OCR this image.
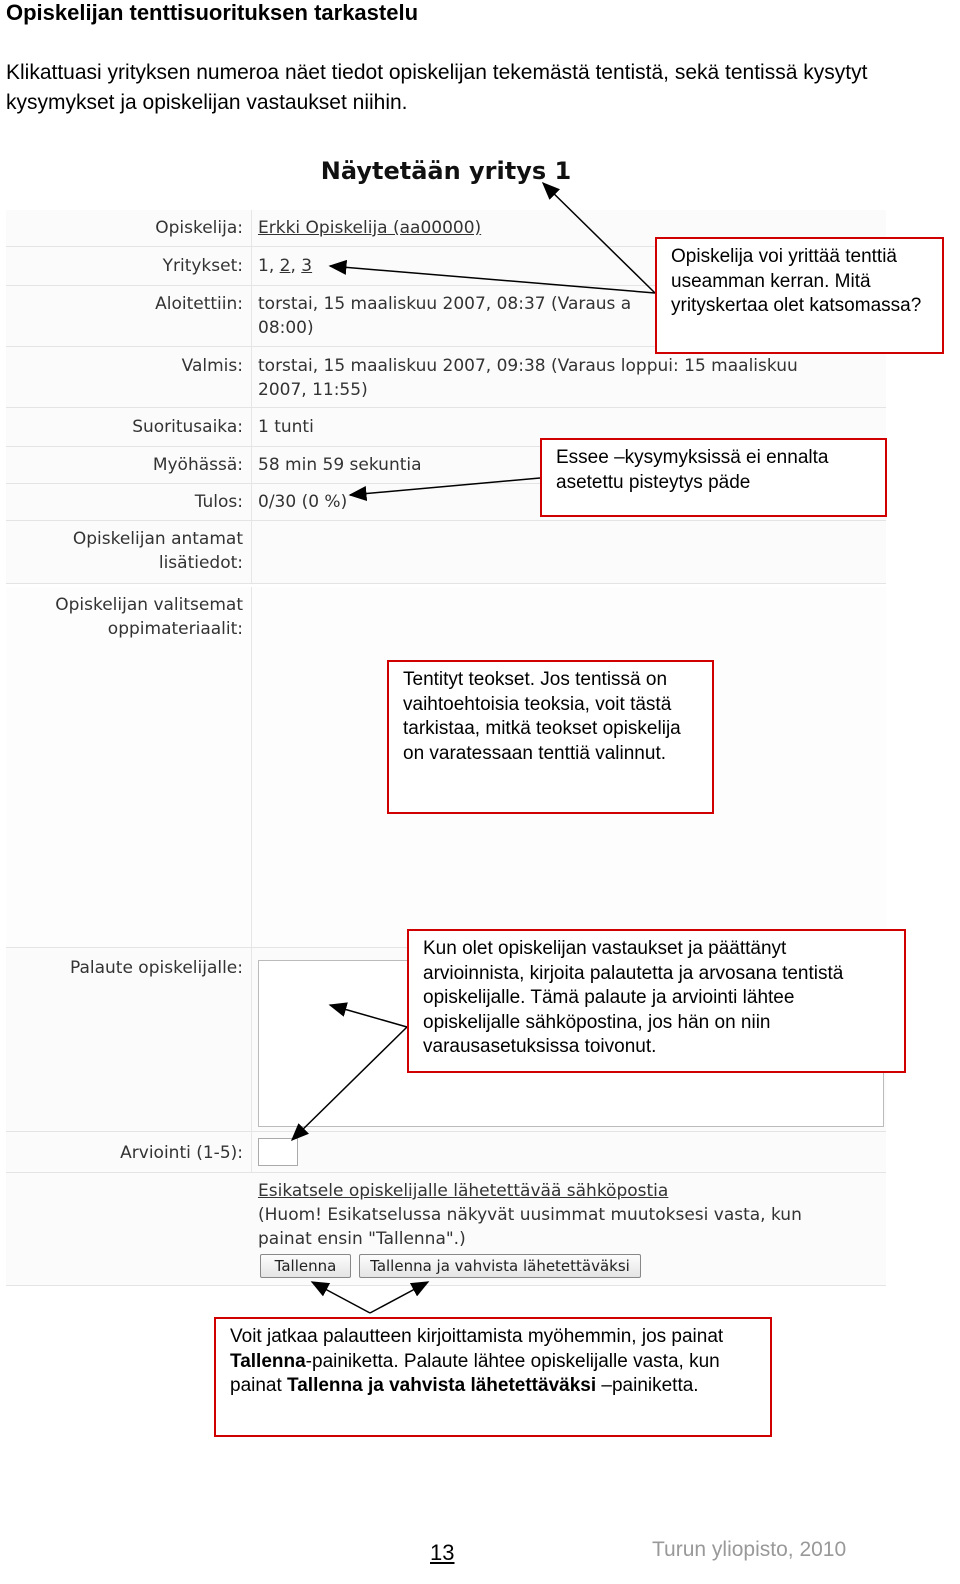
Opiskelijan tenttisuorituksen tarkastelu
Klikattuasi yrityksen numeroa näet tiedot opiskelijan tekemästä tentistä, sekä tentissä kysytyt kysymykset ja opiskelijan vastaukset niihin.
Näytetään yritys 1
Opiskelija: Erkki Opiskelija (aa00000)
Yritykset: 1, 2, 3
Aloitettiin: torstai, 15 maaliskuu 2007, 08:37 (Varaus a
08:00)
Valmis: torstai, 15 maaliskuu 2007, 09:38 (Varaus loppui: 15 maaliskuu
2007, 11:55)
Suoritusaika: 1 tunti
Myöhässä: 58 min 59 sekuntia
Tulos: 0/30 (0 %)
Opiskelijan antamat
lisätiedot:
Opiskelijan valitsemat
oppimateriaalit:
Palaute opiskelijalle:
Arviointi (1-5):
Esikatsele opiskelijalle lähetettävää sähköpostia
(Huom! Esikatselussa näkyvät uusimmat muutoksesi vasta, kun
painat ensin "Tallenna".)
Tallenna	Tallenna ja vahvista lähetettäväksi
Opiskelija voi yrittää tenttiä useamman kerran. Mitä yrityskertaa olet katsomassa?
Essee –kysymyksissä ei ennalta asetettu pisteytys päde
Tentityt teokset. Jos tentissä on vaihtoehtoisia teoksia, voit tästä tarkistaa, mitkä teokset opiskelija on varatessaan tenttiä valinnut.
Kun olet opiskelijan vastaukset ja päättänyt arvioinnista, kirjoita palautetta ja arvosana tentistä opiskelijalle. Tämä palaute ja arviointi lähtee opiskelijalle sähköpostina, jos hän on niin varausasetuksissa toivonut.
Voit jatkaa palautteen kirjoittamista myöhemmin, jos painat Tallenna-painiketta. Palaute lähtee opiskelijalle vasta, kun painat Tallenna ja vahvista lähetettäväksi –painiketta.
13	Turun yliopisto, 2010
